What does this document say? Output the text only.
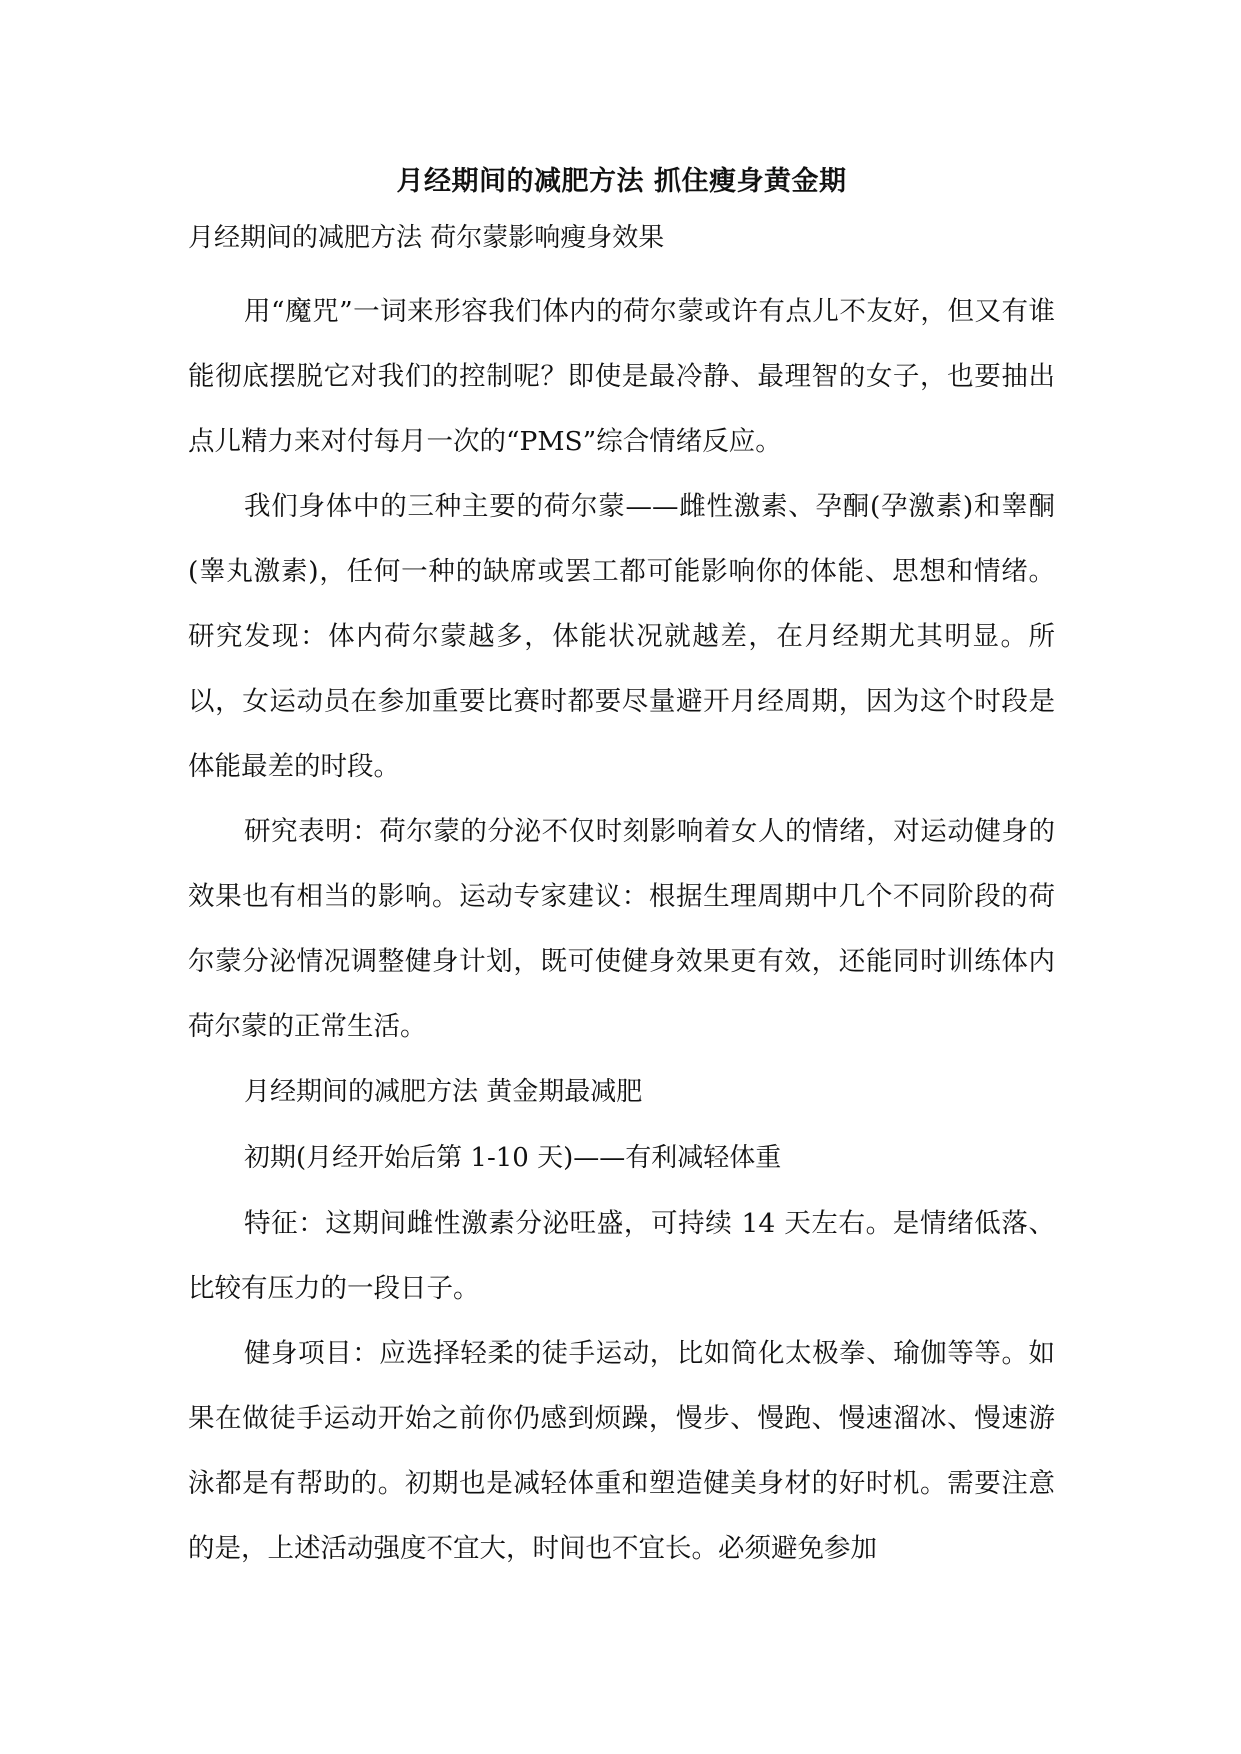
月经期间的减肥方法 抓住瘦身黄金期

月经期间的减肥方法 荷尔蒙影响瘦身效果

用“魔咒”一词来形容我们体内的荷尔蒙或许有点儿不友好，但又有谁能彻底摆脱它对我们的控制呢？即使是最冷静、最理智的女子，也要抽出点儿精力来对付每月一次的“PMS”综合情绪反应。

我们身体中的三种主要的荷尔蒙——雌性激素、孕酮(孕激素)和睾酮(睾丸激素)，任何一种的缺席或罢工都可能影响你的体能、思想和情绪。研究发现：体内荷尔蒙越多，体能状况就越差，在月经期尤其明显。所以，女运动员在参加重要比赛时都要尽量避开月经周期，因为这个时段是体能最差的时段。

研究表明：荷尔蒙的分泌不仅时刻影响着女人的情绪，对运动健身的效果也有相当的影响。运动专家建议：根据生理周期中几个不同阶段的荷尔蒙分泌情况调整健身计划，既可使健身效果更有效，还能同时训练体内荷尔蒙的正常生活。

月经期间的减肥方法 黄金期最减肥

初期(月经开始后第 1-10 天)——有利减轻体重

特征：这期间雌性激素分泌旺盛，可持续 14 天左右。是情绪低落、比较有压力的一段日子。

健身项目：应选择轻柔的徒手运动，比如简化太极拳、瑜伽等等。如果在做徒手运动开始之前你仍感到烦躁，慢步、慢跑、慢速溜冰、慢速游泳都是有帮助的。初期也是减轻体重和塑造健美身材的好时机。需要注意的是，上述活动强度不宜大，时间也不宜长。必须避免参加
